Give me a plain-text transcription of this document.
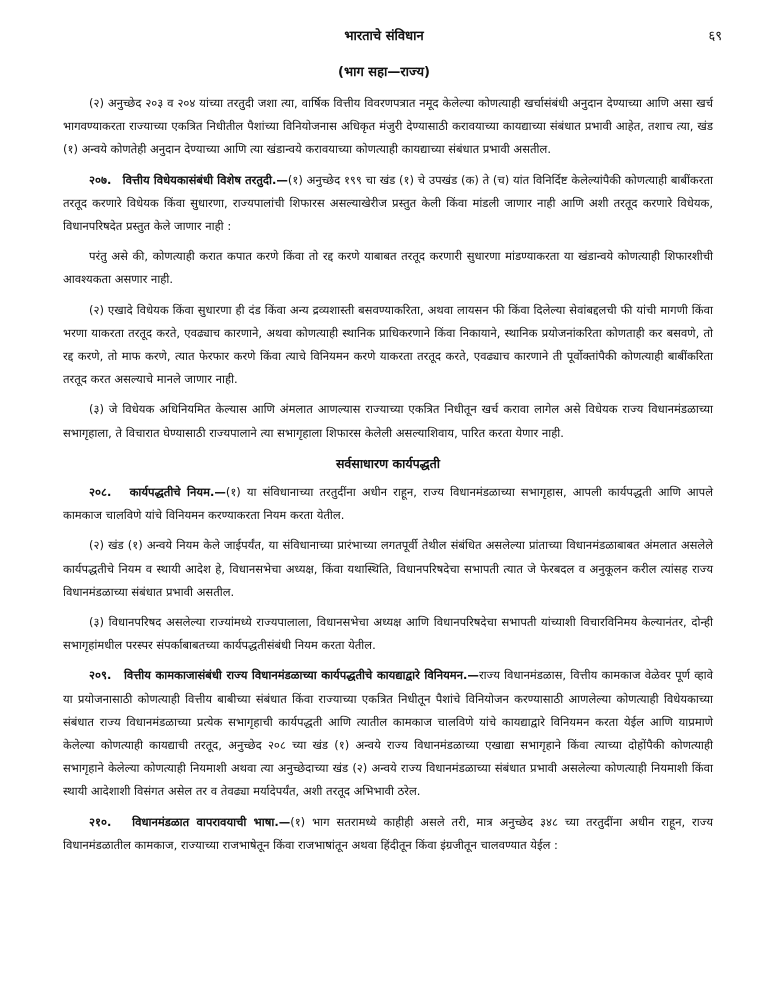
भारताचे संविधान	६९
(भाग सहा—राज्य)

(२) अनुच्छेद २०३ व २०४ यांच्या तरतुदी जशा त्या, वार्षिक वित्तीय विवरणपत्रात नमूद केलेल्या कोणत्याही खर्चासंबंधी अनुदान देण्याच्या आणि असा खर्च भागवण्याकरता राज्याच्या एकत्रित निधीतील पैशांच्या विनियोजनास अधिकृत मंजुरी देण्यासाठी करावयाच्या कायद्याच्या संबंधात प्रभावी आहेत, तशाच त्या, खंड (१) अन्वये कोणतेही अनुदान देण्याच्या आणि त्या खंडान्वये करावयाच्या कोणत्याही कायद्याच्या संबंधात प्रभावी असतील.

२०७. वित्तीय विधेयकासंबंधी विशेष तरतुदी.—(१) अनुच्छेद १९९ चा खंड (१) चे उपखंड (क) ते (च) यांत विनिर्दिष्ट केलेल्यांपैकी कोणत्याही बाबींकरता तरतूद करणारे विधेयक किंवा सुधारणा, राज्यपालांची शिफारस असल्याखेरीज प्रस्तुत केली किंवा मांडली जाणार नाही आणि अशी तरतूद करणारे विधेयक, विधानपरिषदेत प्रस्तुत केले जाणार नाही :

परंतु असे की, कोणत्याही करात कपात करणे किंवा तो रद्द करणे याबाबत तरतूद करणारी सुधारणा मांडण्याकरता या खंडान्वये कोणत्याही शिफारशीची आवश्यकता असणार नाही.

(२) एखादे विधेयक किंवा सुधारणा ही दंड किंवा अन्य द्रव्यशास्ती बसवण्याकरिता, अथवा लायसन फी किंवा दिलेल्या सेवांबद्दलची फी यांची मागणी किंवा भरणा याकरता तरतूद करते, एवढ्याच कारणाने, अथवा कोणत्याही स्थानिक प्राधिकरणाने किंवा निकायाने, स्थानिक प्रयोजनांकरिता कोणताही कर बसवणे, तो रद्द करणे, तो माफ करणे, त्यात फेरफार करणे किंवा त्याचे विनियमन करणे याकरता तरतूद करते, एवढ्याच कारणाने ती पूर्वोक्तांपैकी कोणत्याही बाबींकरिता तरतूद करत असल्याचे मानले जाणार नाही.

(३) जे विधेयक अधिनियमित केल्यास आणि अंमलात आणल्यास राज्याच्या एकत्रित निधीतून खर्च करावा लागेल असे विधेयक राज्य विधानमंडळाच्या सभागृहाला, ते विचारात घेण्यासाठी राज्यपालाने त्या सभागृहाला शिफारस केलेली असल्याशिवाय, पारित करता येणार नाही.

सर्वसाधारण कार्यपद्धती

२०८. कार्यपद्धतीचे नियम.—(१) या संविधानाच्या तरतुदींना अधीन राहून, राज्य विधानमंडळाच्या सभागृहास, आपली कार्यपद्धती आणि आपले कामकाज चालविणे यांचे विनियमन करण्याकरता नियम करता येतील.

(२) खंड (१) अन्वये नियम केले जाईपर्यंत, या संविधानाच्या प्रारंभाच्या लगतपूर्वी तेथील संबंधित असलेल्या प्रांताच्या विधानमंडळाबाबत अंमलात असलेले कार्यपद्धतीचे नियम व स्थायी आदेश हे, विधानसभेचा अध्यक्ष, किंवा यथास्थिति, विधानपरिषदेचा सभापती त्यात जे फेरबदल व अनुकूलन करील त्यांसह राज्य विधानमंडळाच्या संबंधात प्रभावी असतील.

(३) विधानपरिषद असलेल्या राज्यांमध्ये राज्यपालाला, विधानसभेचा अध्यक्ष आणि विधानपरिषदेचा सभापती यांच्याशी विचारविनिमय केल्यानंतर, दोन्ही सभागृहांमधील परस्पर संपर्काबाबतच्या कार्यपद्धतीसंबंधी नियम करता येतील.

२०९. वित्तीय कामकाजासंबंधी राज्य विधानमंडळाच्या कार्यपद्धतीचे कायद्याद्वारे विनियमन.—राज्य विधानमंडळास, वित्तीय कामकाज वेळेवर पूर्ण व्हावे या प्रयोजनासाठी कोणत्याही वित्तीय बाबीच्या संबंधात किंवा राज्याच्या एकत्रित निधीतून पैशांचे विनियोजन करण्यासाठी आणलेल्या कोणत्याही विधेयकाच्या संबंधात राज्य विधानमंडळाच्या प्रत्येक सभागृहाची कार्यपद्धती आणि त्यातील कामकाज चालविणे यांचे कायद्याद्वारे विनियमन करता येईल आणि याप्रमाणे केलेल्या कोणत्याही कायद्याची तरतूद, अनुच्छेद २०८ च्या खंड (१) अन्वये राज्य विधानमंडळाच्या एखाद्या सभागृहाने किंवा त्याच्या दोहोंपैकी कोणत्याही सभागृहाने केलेल्या कोणत्याही नियमाशी अथवा त्या अनुच्छेदाच्या खंड (२) अन्वये राज्य विधानमंडळाच्या संबंधात प्रभावी असलेल्या कोणत्याही नियमाशी किंवा स्थायी आदेशाशी विसंगत असेल तर व तेवढ्या मर्यादेपर्यंत, अशी तरतूद अभिभावी ठरेल.

२१०. विधानमंडळात वापरावयाची भाषा.—(१) भाग सतरामध्ये काहीही असले तरी, मात्र अनुच्छेद ३४८ च्या तरतुदींना अधीन राहून, राज्य विधानमंडळातील कामकाज, राज्याच्या राजभाषेतून किंवा राजभाषांतून अथवा हिंदीतून किंवा इंग्रजीतून चालवण्यात येईल :
